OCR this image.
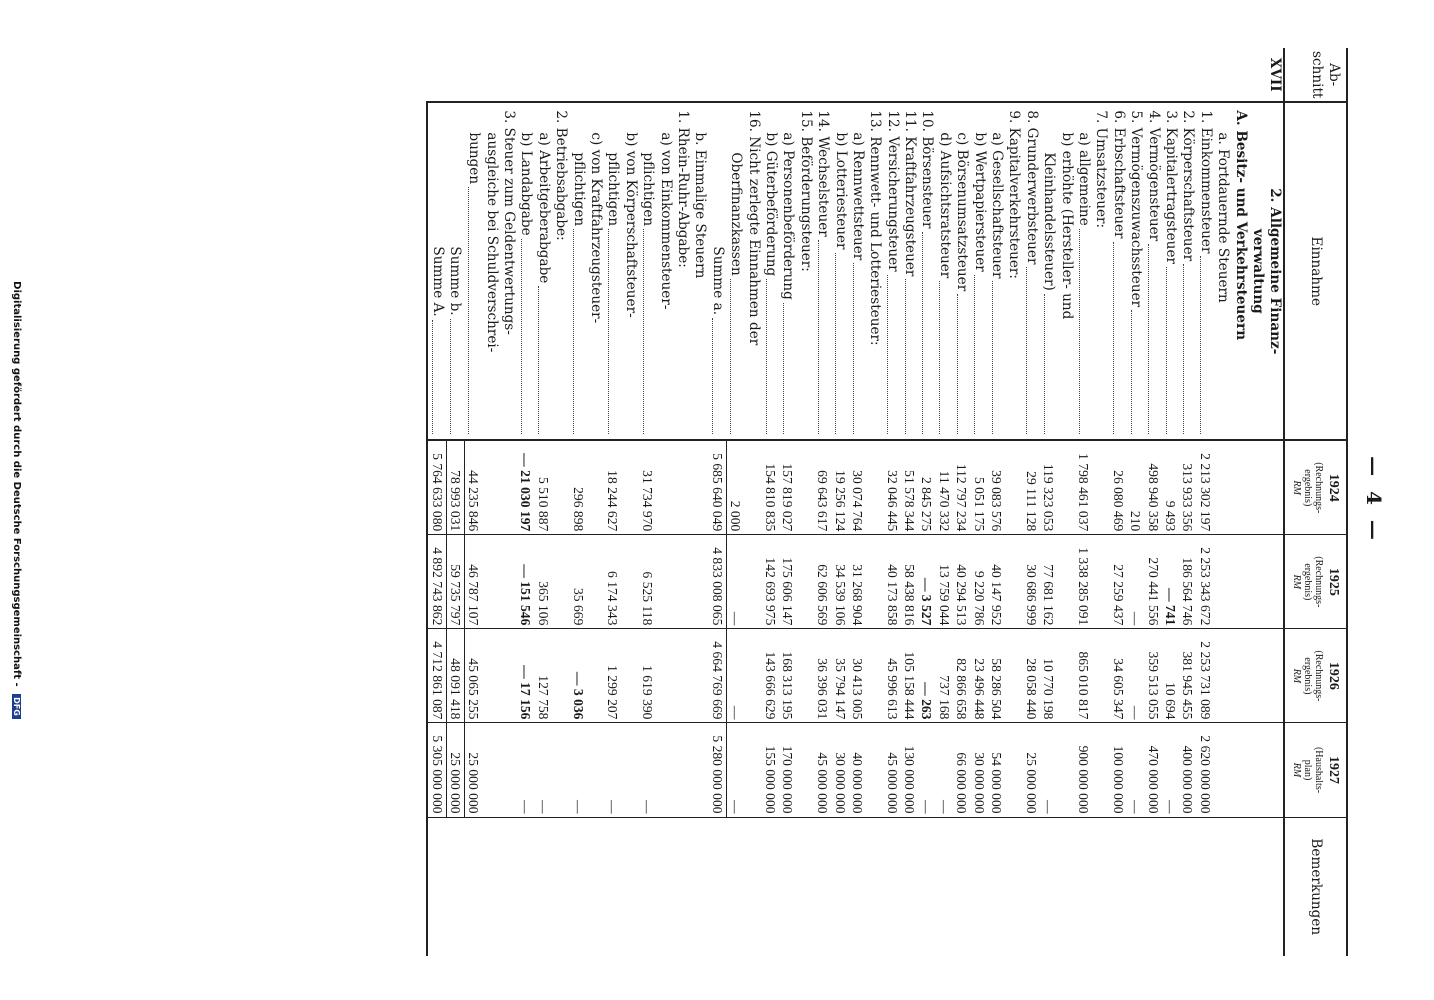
— 4 —
Ab-
schnitt	Einnahme	1924
(Rechnungs-
ergebnis)
RM	1925
(Rechnungs-
ergebnis)
RM	1926
(Rechnungs-
ergebnis)
RM	1927
(Haushalts-
plan)
RM	Bemerkungen
XVII	2. Allgemeine Finanz-					

	verwaltung					

	A. Besitz- und Verkehrsteuern					

	a. Fortdauernde Steuern					

	1. Einkommensteuer	2 213 302 197	2 253 343 672	2 253 731 089	2 620 000 000	

	2. Körperschaftsteuer	313 933 356	186 564 746	381 945 455	400 000 000	

	3. Kapitalertragsteuer	9 493	— 741	10 694	—	

	4. Vermögensteuer	498 940 358	270 441 556	359 513 055	470 000 000	

	5. Vermögenszuwachssteuer	210	—	—	—	

	6. Erbschaftsteuer	26 080 469	27 259 437	34 605 347	100 000 000	

	7. Umsatzsteuer:					

	a) allgemeine	1 798 461 037	1 338 285 091	865 010 817	900 000 000	

	b) erhöhte (Hersteller- und					

	Kleinhandelssteuer)	119 323 053	77 681 162	10 770 198	—	

	8. Grunderwerbsteuer	29 111 128	30 686 999	28 058 440	25 000 000	

	9. Kapitalverkehrsteuer:					

	a) Gesellschaftsteuer	39 083 576	40 147 952	58 286 504	54 000 000	

	b) Wertpapiersteuer	5 051 175	9 220 786	23 496 448	30 000 000	

	c) Börsenumsatzsteuer	112 797 234	40 294 513	82 866 658	66 000 000	

	d) Aufsichtsratsteuer	11 470 332	13 759 044	737 168	—	

	10. Börsensteuer	2 845 275	— 3 527	— 263	—	

	11. Kraftfahrzeugsteuer	51 578 344	58 438 816	105 158 444	130 000 000	

	12. Versicherungsteuer	32 046 445	40 173 858	45 996 613	45 000 000	

	13. Rennwett- und Lotteriesteuer:					

	a) Rennwettsteuer	30 074 764	31 268 904	30 413 005	40 000 000	

	b) Lotteriesteuer	19 256 124	34 539 106	35 794 147	30 000 000	

	14. Wechselsteuer	69 643 617	62 606 569	36 396 031	45 000 000	

	15. Beförderungsteuer:					

	a) Personenbeförderung	157 819 027	175 606 147	168 313 195	170 000 000	

	b) Güterbeförderung	154 810 835	142 693 975	143 666 629	155 000 000	

	16. Nicht zerlegte Einnahmen der					

	Oberfinanzkassen	2 000	—	—	—	

	Summe a.	5 685 640 049	4 833 008 065	4 664 769 669	5 280 000 000	

	b. Einmalige Steuern					

	1. Rhein-Ruhr-Abgabe:					

	a) von Einkommensteuer-					

	pflichtigen	31 734 970	6 525 118	1 619 390	—	

	b) von Körperschaftsteuer-					

	pflichtigen	18 244 627	6 174 343	1 299 207	—	

	c) von Kraftfahrzeugsteuer-					

	pflichtigen	296 898	35 669	— 3 036	—	

	2. Betriebsabgabe:					

	a) Arbeitgeberabgabe	5 510 887	365 106	127 758	—	

	b) Landabgabe	— 21 030 197	— 151 546	— 17 156	—	

	3. Steuer zum Geldentwertungs-					

	ausgleiche bei Schuldverschrei-					

	bungen	44 235 846	46 787 107	45 065 255	25 000 000	

	Summe b.	78 993 031	59 735 797	48 091 418	25 000 000	

	Summe A.	5 764 633 080	4 892 743 862	4 712 861 087	5 305 000 000	
Digitalisierung gefördert durch die Deutsche Forschungsgemeinschaft - DFG
